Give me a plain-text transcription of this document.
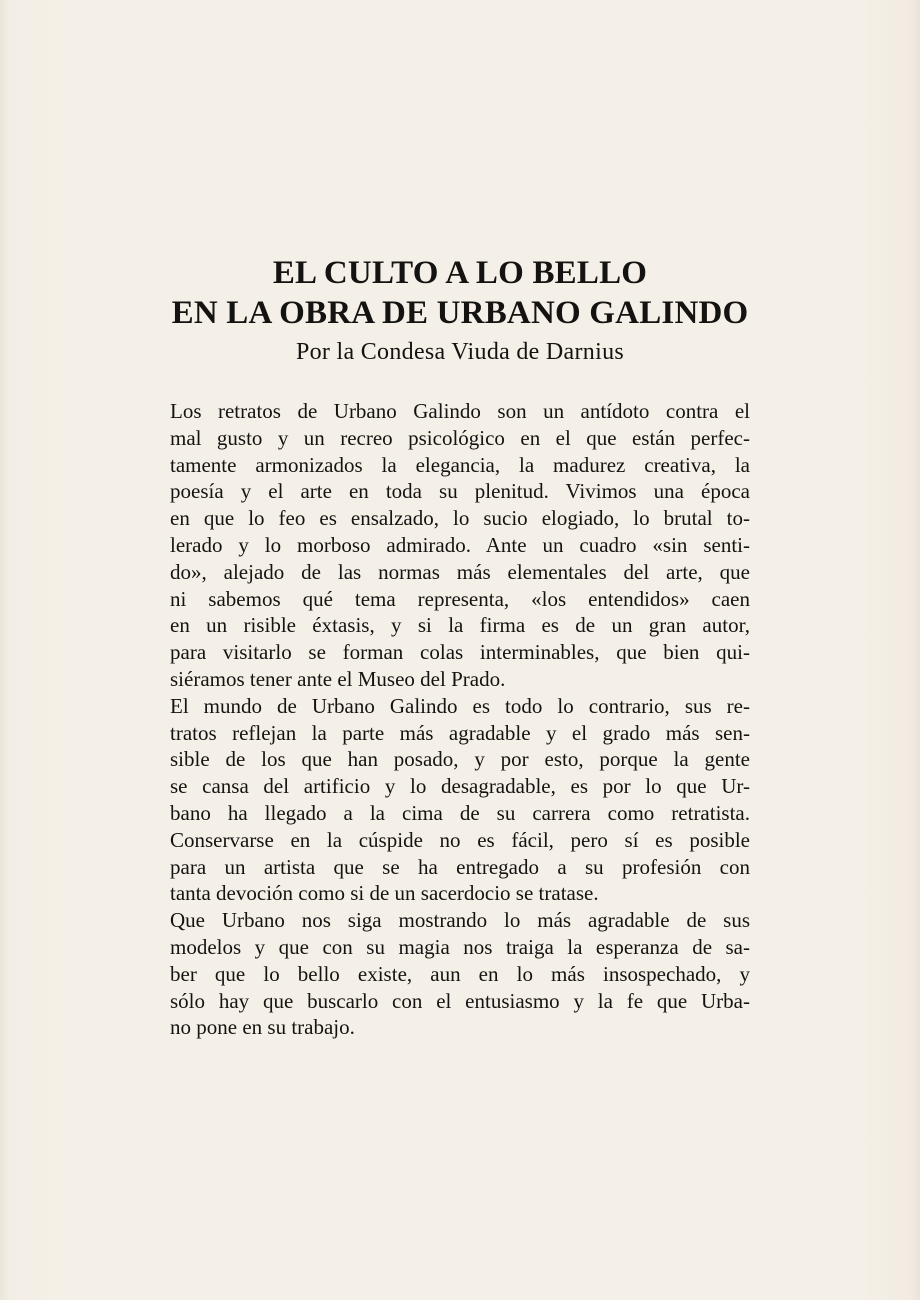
EL CULTO A LO BELLO
EN LA OBRA DE URBANO GALINDO

Por la Condesa Viuda de Darnius

Los retratos de Urbano Galindo son un antídoto contra el
mal gusto y un recreo psicológico en el que están perfec-
tamente armonizados la elegancia, la madurez creativa, la
poesía y el arte en toda su plenitud. Vivimos una época
en que lo feo es ensalzado, lo sucio elogiado, lo brutal to-
lerado y lo morboso admirado. Ante un cuadro «sin senti-
do», alejado de las normas más elementales del arte, que
ni sabemos qué tema representa, «los entendidos» caen
en un risible éxtasis, y si la firma es de un gran autor,
para visitarlo se forman colas interminables, que bien qui-
siéramos tener ante el Museo del Prado.
El mundo de Urbano Galindo es todo lo contrario, sus re-
tratos reflejan la parte más agradable y el grado más sen-
sible de los que han posado, y por esto, porque la gente
se cansa del artificio y lo desagradable, es por lo que Ur-
bano ha llegado a la cima de su carrera como retratista.
Conservarse en la cúspide no es fácil, pero sí es posible
para un artista que se ha entregado a su profesión con
tanta devoción como si de un sacerdocio se tratase.
Que Urbano nos siga mostrando lo más agradable de sus
modelos y que con su magia nos traiga la esperanza de sa-
ber que lo bello existe, aun en lo más insospechado, y
sólo hay que buscarlo con el entusiasmo y la fe que Urba-
no pone en su trabajo.
